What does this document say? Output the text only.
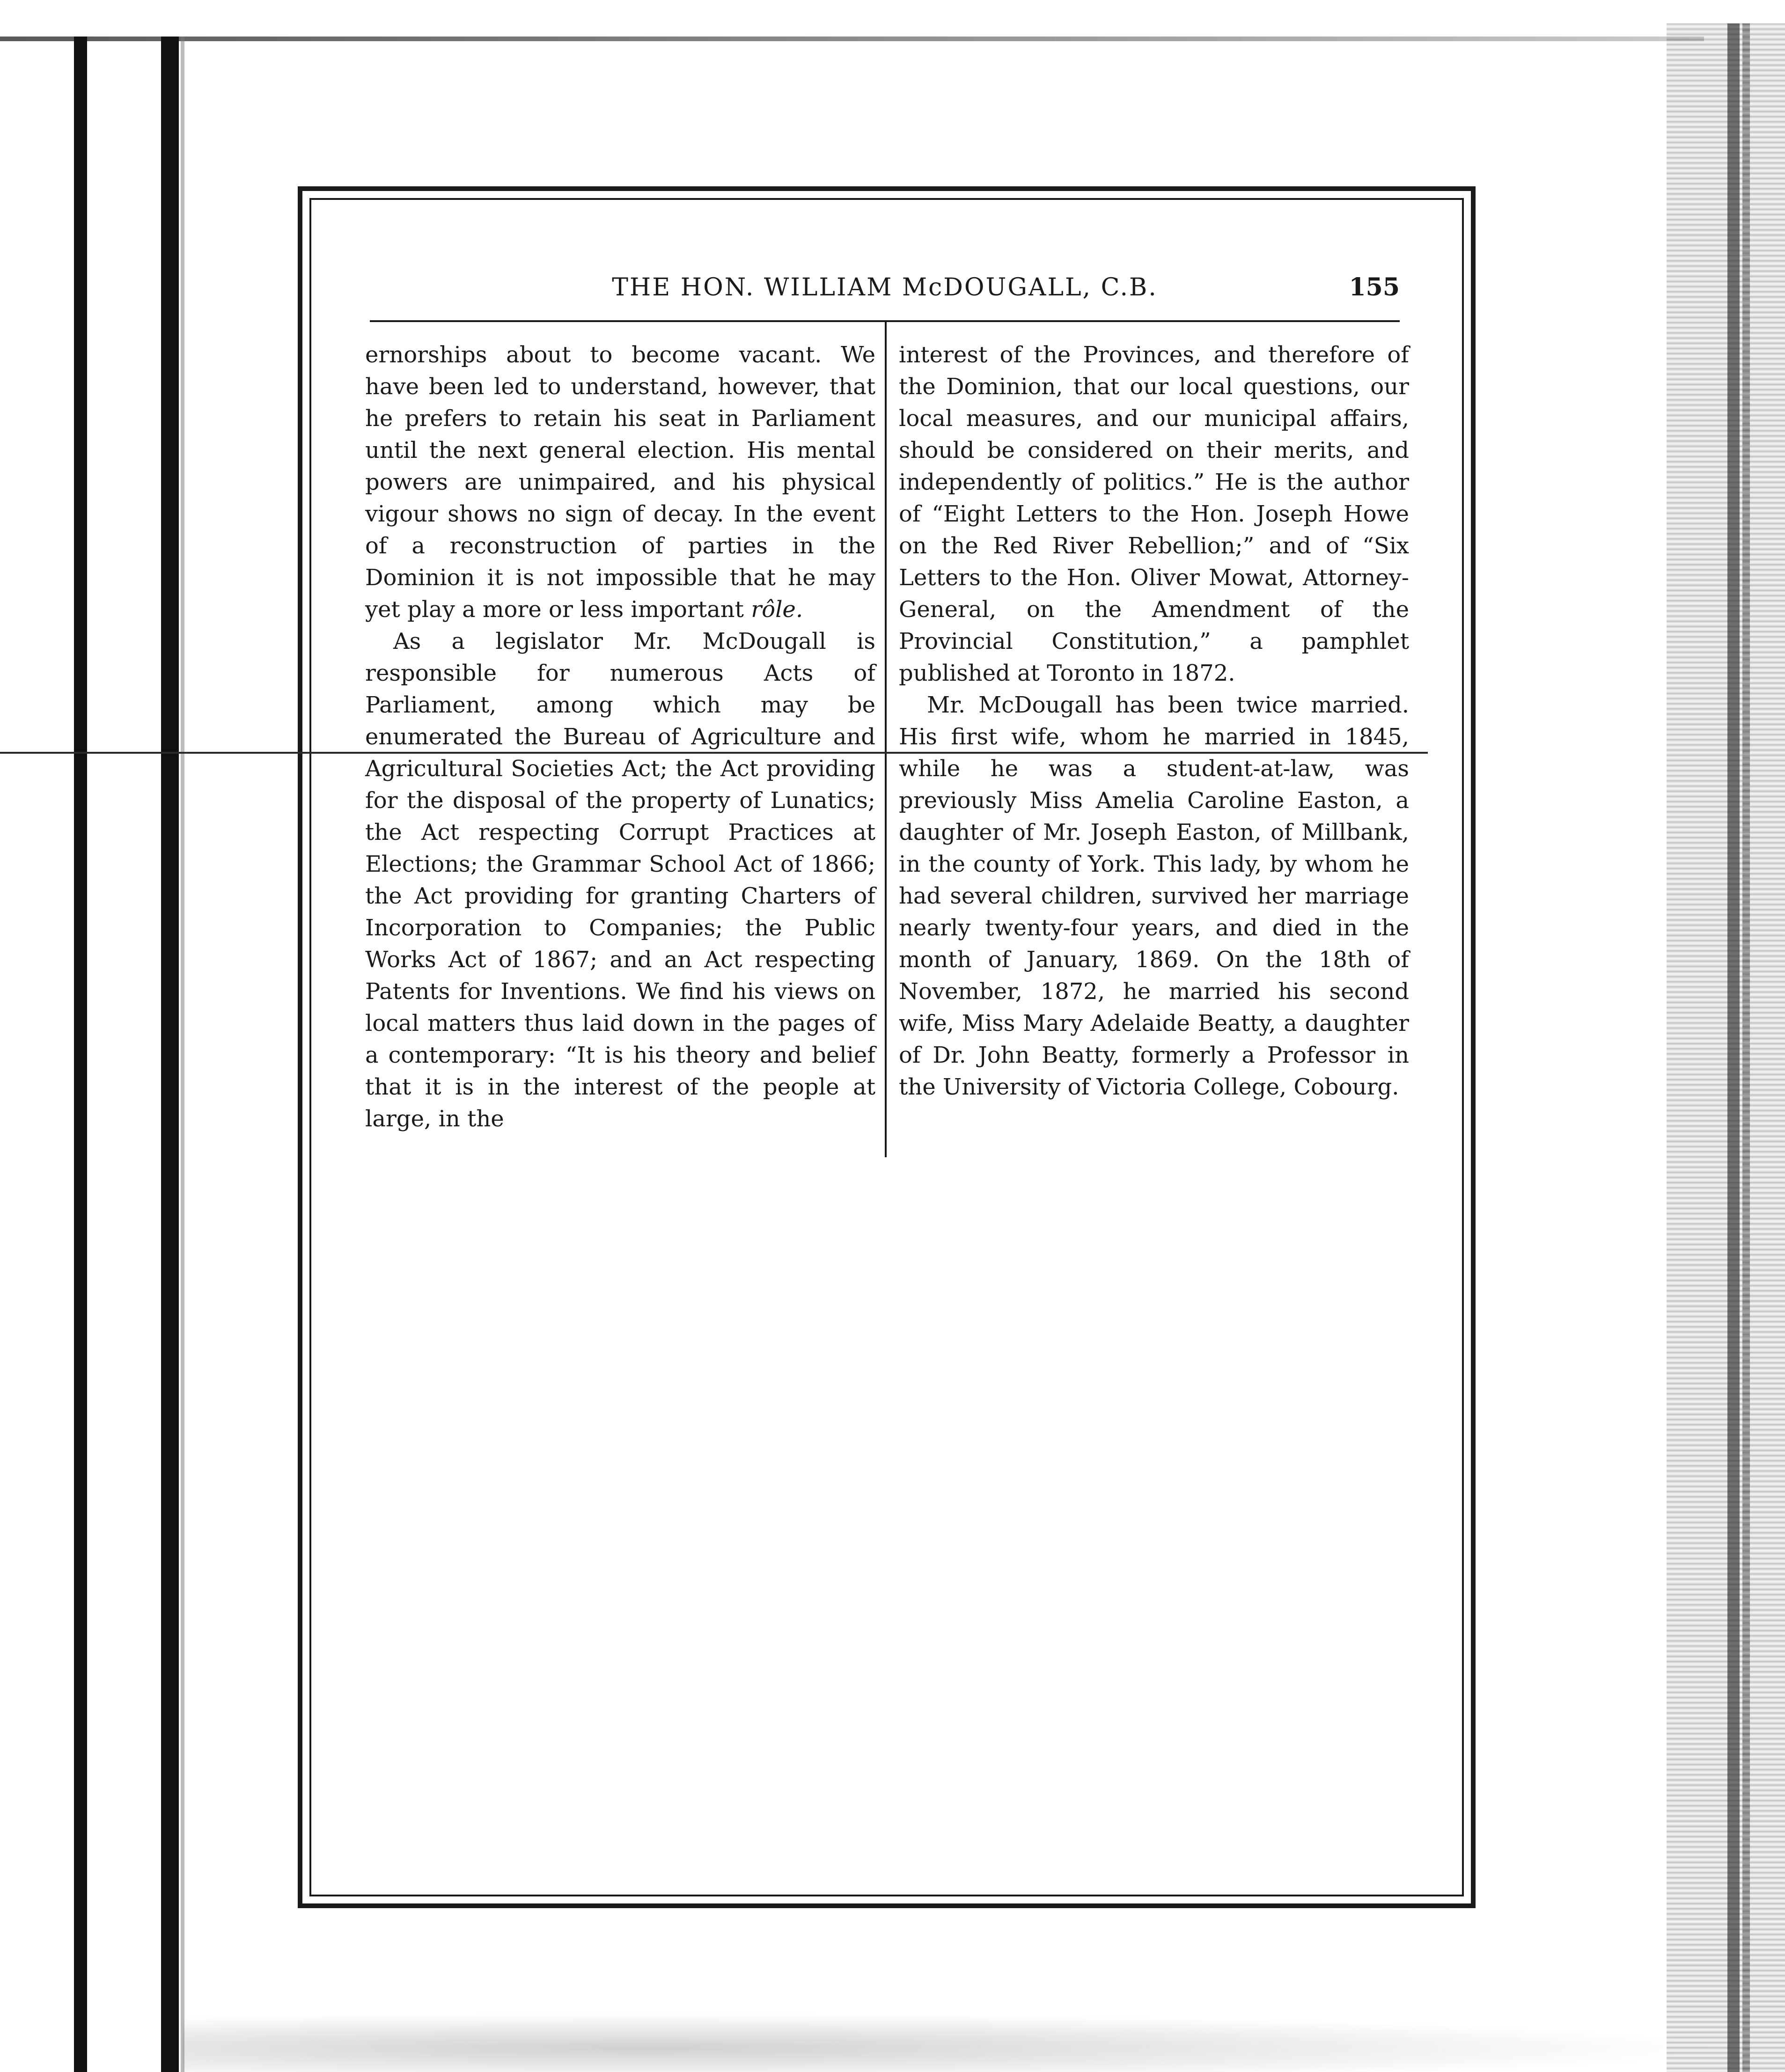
THE HON. WILLIAM McDOUGALL, C.B.	155

ernorships about to become vacant. We have been led to understand, however, that he prefers to retain his seat in Parliament until the next general election. His mental powers are unimpaired, and his physical vigour shows no sign of decay. In the event of a reconstruction of parties in the Dominion it is not impossible that he may yet play a more or less important rôle.

As a legislator Mr. McDougall is responsible for numerous Acts of Parliament, among which may be enumerated the Bureau of Agriculture and Agricultural Societies Act; the Act providing for the disposal of the property of Lunatics; the Act respecting Corrupt Practices at Elections; the Grammar School Act of 1866; the Act providing for granting Charters of Incorporation to Companies; the Public Works Act of 1867; and an Act respecting Patents for Inventions. We find his views on local matters thus laid down in the pages of a contemporary: “It is his theory and belief that it is in the interest of the people at large, in the

interest of the Provinces, and therefore of the Dominion, that our local questions, our local measures, and our municipal affairs, should be considered on their merits, and independently of politics.” He is the author of “Eight Letters to the Hon. Joseph Howe on the Red River Rebellion;” and of “Six Letters to the Hon. Oliver Mowat, Attorney-General, on the Amendment of the Provincial Constitution,” a pamphlet published at Toronto in 1872.

Mr. McDougall has been twice married. His first wife, whom he married in 1845, while he was a student-at-law, was previously Miss Amelia Caroline Easton, a daughter of Mr. Joseph Easton, of Millbank, in the county of York. This lady, by whom he had several children, survived her marriage nearly twenty-four years, and died in the month of January, 1869. On the 18th of November, 1872, he married his second wife, Miss Mary Adelaide Beatty, a daughter of Dr. John Beatty, formerly a Professor in the University of Victoria College, Cobourg.
